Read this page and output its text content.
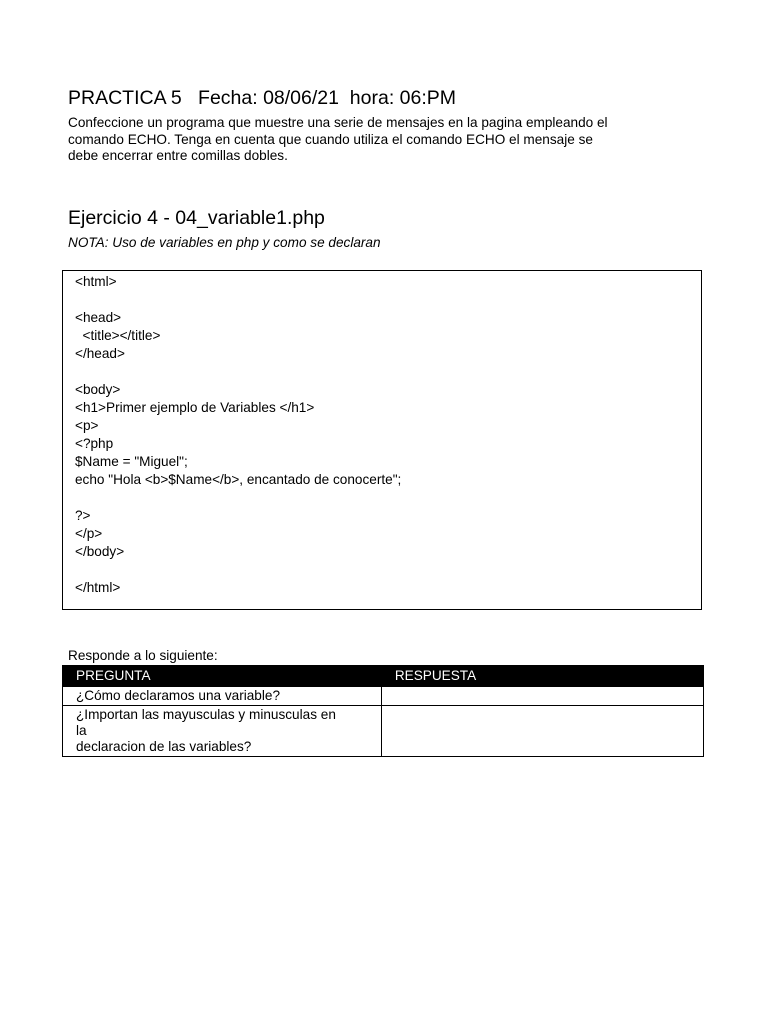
PRACTICA 5   Fecha: 08/06/21  hora: 06:PM
Confeccione un programa que muestre una serie de mensajes en la pagina empleando el
comando ECHO. Tenga en cuenta que cuando utiliza el comando ECHO el mensaje se
debe encerrar entre comillas dobles.
Ejercicio 4 - 04_variable1.php
NOTA: Uso de variables en php y como se declaran
<html>
<head>
<title></title>
</head>
<body>
<h1>Primer ejemplo de Variables </h1>
<p>
<?php
$Name = "Miguel";
echo "Hola <b>$Name</b>, encantado de conocerte";
?>
</p>
</body>
</html>
Responde a lo siguiente:
PREGUNTA	RESPUESTA

¿Cómo declaramos una variable?	

¿Importan las mayusculas y minusculas en
la
declaracion de las variables?	
